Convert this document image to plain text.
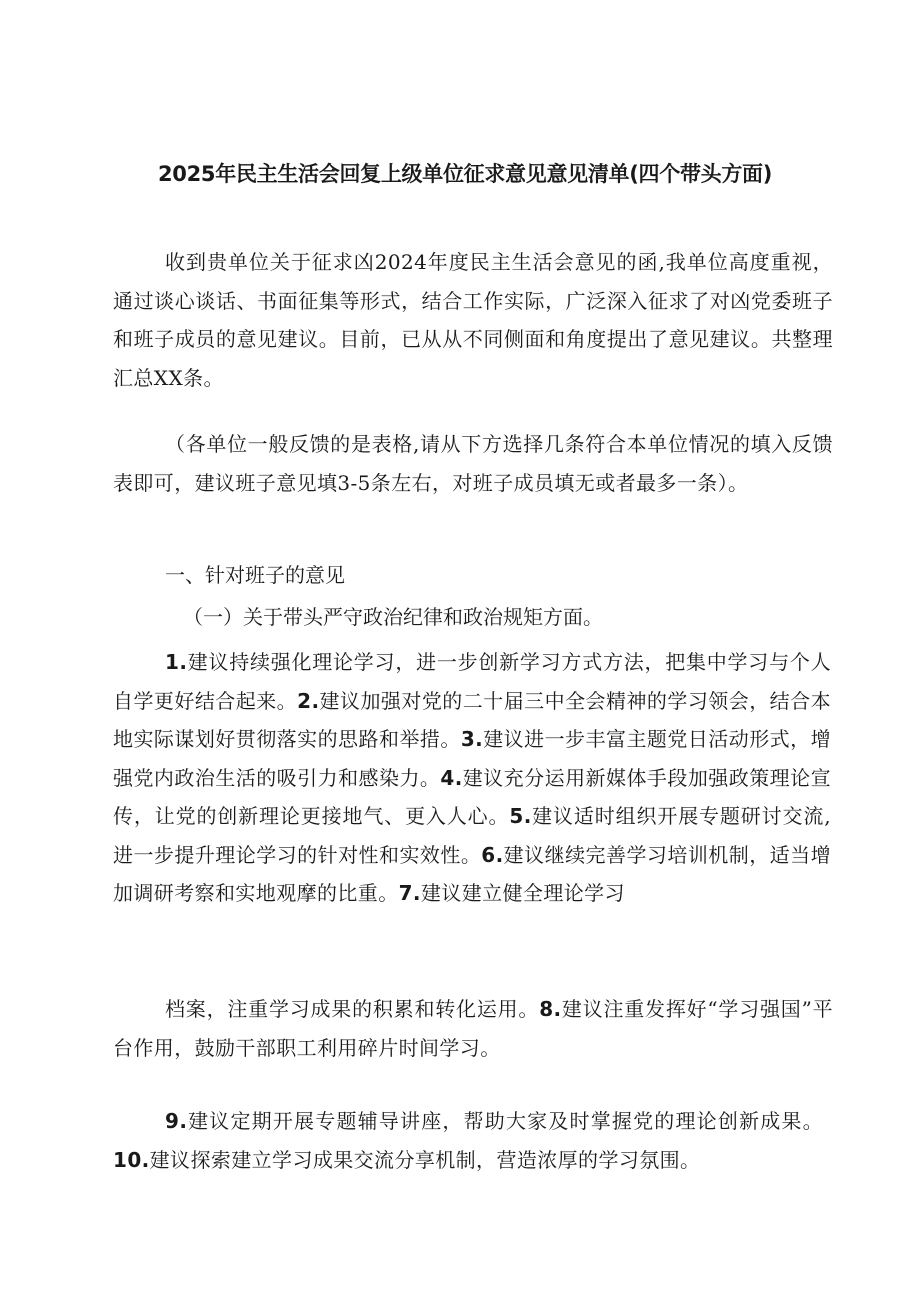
2025年民主生活会回复上级单位征求意见意见清单(四个带头方面)

收到贵单位关于征求凶2024年度民主生活会意见的函,我单位高度重视，通过谈心谈话、书面征集等形式，结合工作实际，广泛深入征求了对凶党委班子和班子成员的意见建议。目前，已从从不同侧面和角度提出了意见建议。共整理汇总XX条。

（各单位一般反馈的是表格,请从下方选择几条符合本单位情况的填入反馈表即可，建议班子意见填3-5条左右，对班子成员填无或者最多一条）。

一、针对班子的意见
（一）关于带头严守政治纪律和政治规矩方面。

1.建议持续强化理论学习，进一步创新学习方式方法，把集中学习与个人自学更好结合起来。2.建议加强对党的二十届三中全会精神的学习领会，结合本地实际谋划好贯彻落实的思路和举措。3.建议进一步丰富主题党日活动形式，增强党内政治生活的吸引力和感染力。4.建议充分运用新媒体手段加强政策理论宣传，让党的创新理论更接地气、更入人心。5.建议适时组织开展专题研讨交流,进一步提升理论学习的针对性和实效性。6.建议继续完善学习培训机制，适当增加调研考察和实地观摩的比重。7.建议建立健全理论学习

档案，注重学习成果的积累和转化运用。8.建议注重发挥好“学习强国”平台作用，鼓励干部职工利用碎片时间学习。

9.建议定期开展专题辅导讲座，帮助大家及时掌握党的理论创新成果。10.建议探索建立学习成果交流分享机制，营造浓厚的学习氛围。
